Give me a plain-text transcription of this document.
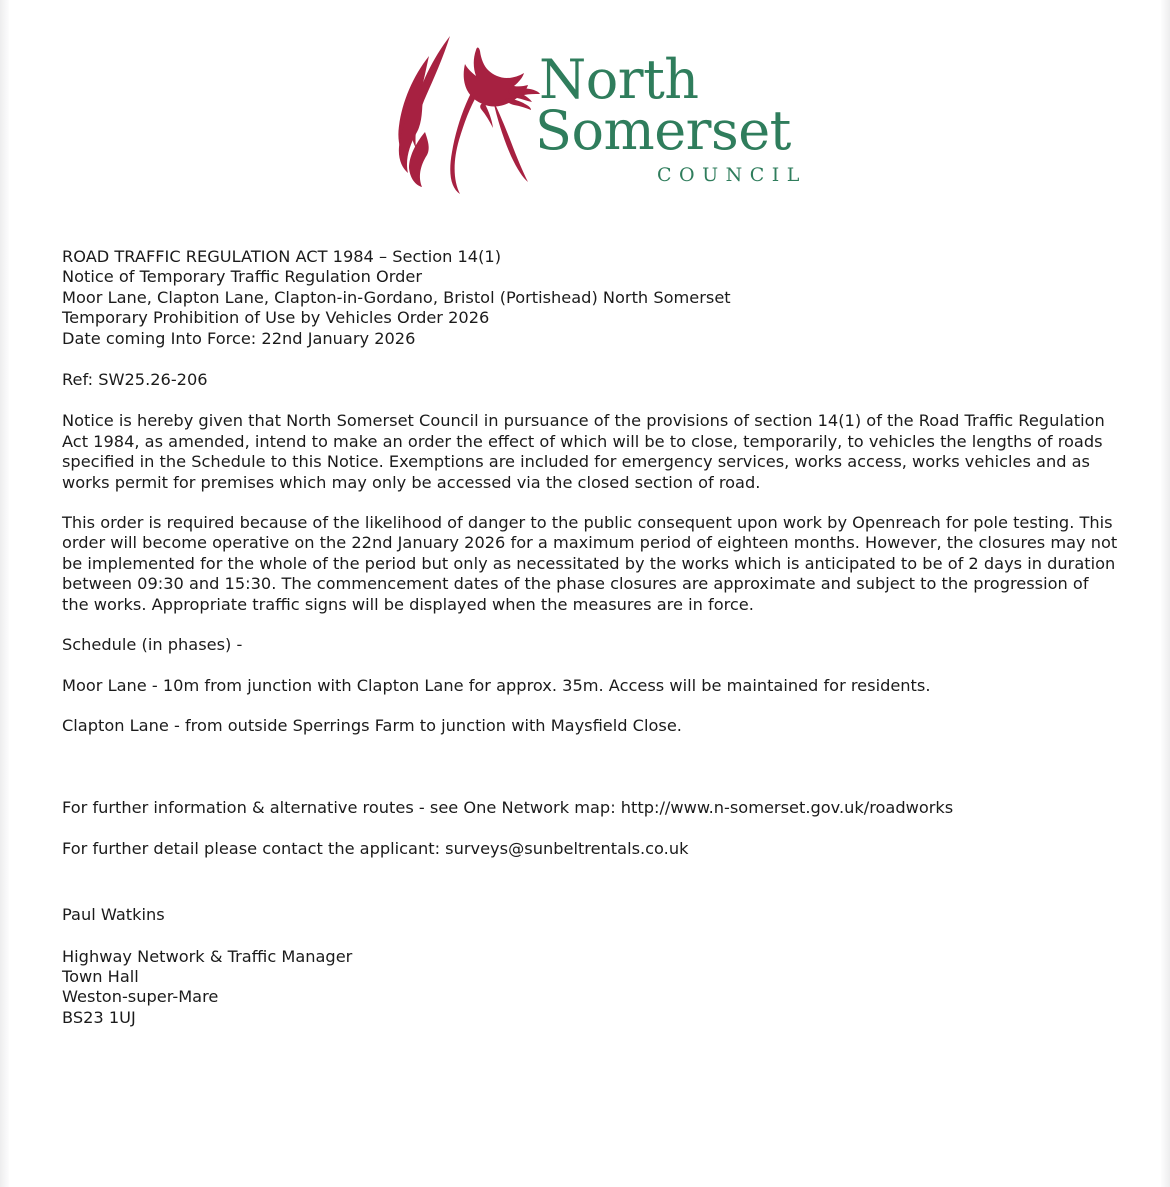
North
Somerset
COUNCIL
ROAD TRAFFIC REGULATION ACT 1984 – Section 14(1)
Notice of Temporary Traffic Regulation Order
Moor Lane, Clapton Lane, Clapton-in-Gordano, Bristol (Portishead) North Somerset
Temporary Prohibition of Use by Vehicles Order 2026
Date coming Into Force: 22nd January 2026
Ref: SW25.26-206
Notice is hereby given that North Somerset Council in pursuance of the provisions of section 14(1) of the Road Traffic Regulation Act 1984, as amended, intend to make an order the effect of which will be to close, temporarily, to vehicles the lengths of roads specified in the Schedule to this Notice. Exemptions are included for emergency services, works access, works vehicles and as works permit for premises which may only be accessed via the closed section of road.
This order is required because of the likelihood of danger to the public consequent upon work by Openreach for pole testing. This order will become operative on the 22nd January 2026 for a maximum period of eighteen months. However, the closures may not be implemented for the whole of the period but only as necessitated by the works which is anticipated to be of 2 days in duration between 09:30 and 15:30. The commencement dates of the phase closures are approximate and subject to the progression of the works. Appropriate traffic signs will be displayed when the measures are in force.
Schedule (in phases) -
Moor Lane - 10m from junction with Clapton Lane for approx. 35m. Access will be maintained for residents.
Clapton Lane - from outside Sperrings Farm to junction with Maysfield Close.
For further information & alternative routes - see One Network map: http://www.n-somerset.gov.uk/roadworks
For further detail please contact the applicant: surveys@sunbeltrentals.co.uk
Paul Watkins
Highway Network & Traffic Manager
Town Hall
Weston-super-Mare
BS23 1UJ
